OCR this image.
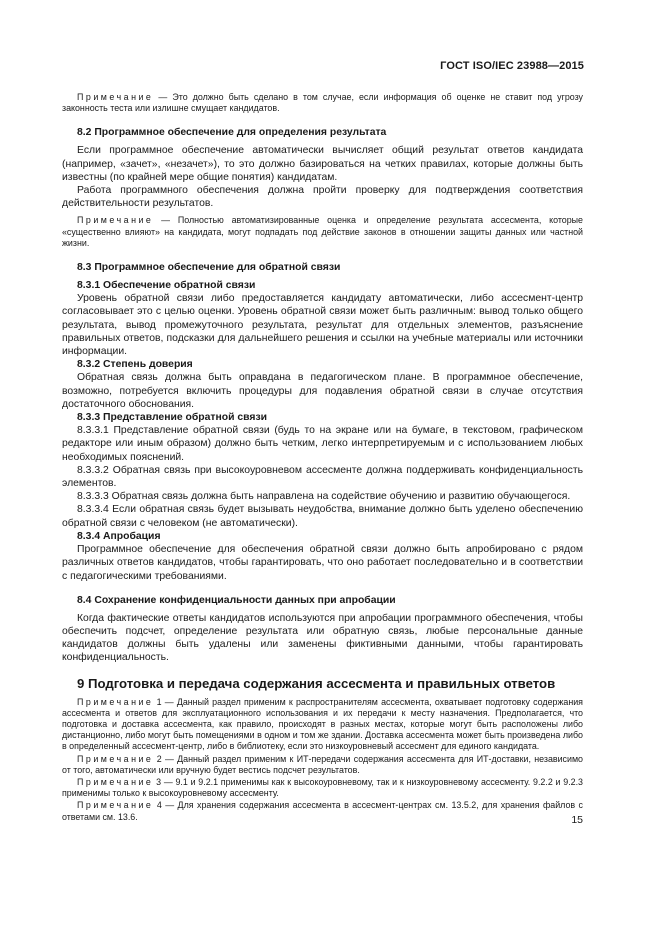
ГОСТ ISO/IEC 23988—2015

Примечание — Это должно быть сделано в том случае, если информация об оценке не ставит под угрозу законность теста или излишне смущает кандидатов.

8.2 Программное обеспечение для определения результата

Если программное обеспечение автоматически вычисляет общий результат ответов кандидата (например, «зачет», «незачет»), то это должно базироваться на четких правилах, которые должны быть известны (по крайней мере общие понятия) кандидатам.

Работа программного обеспечения должна пройти проверку для подтверждения соответствия действительности результатов.

Примечание — Полностью автоматизированные оценка и определение результата ассесмента, которые «существенно влияют» на кандидата, могут подпадать под действие законов в отношении защиты данных или частной жизни.

8.3 Программное обеспечение для обратной связи

8.3.1 Обеспечение обратной связи

Уровень обратной связи либо предоставляется кандидату автоматически, либо ассесмент-центр согласовывает это с целью оценки. Уровень обратной связи может быть различным: вывод только общего результата, вывод промежуточного результата, результат для отдельных элементов, разъяснение правильных ответов, подсказки для дальнейшего решения и ссылки на учебные материалы или источники информации.

8.3.2 Степень доверия

Обратная связь должна быть оправдана в педагогическом плане. В программное обеспечение, возможно, потребуется включить процедуры для подавления обратной связи в случае отсутствия достаточного обоснования.

8.3.3 Представление обратной связи

8.3.3.1 Представление обратной связи (будь то на экране или на бумаге, в текстовом, графическом редакторе или иным образом) должно быть четким, легко интерпретируемым и с использованием любых необходимых пояснений.

8.3.3.2 Обратная связь при высокоуровневом ассесменте должна поддерживать конфиденциальность элементов.

8.3.3.3 Обратная связь должна быть направлена на содействие обучению и развитию обучающегося.

8.3.3.4 Если обратная связь будет вызывать неудобства, внимание должно быть уделено обеспечению обратной связи с человеком (не автоматически).

8.3.4 Апробация

Программное обеспечение для обеспечения обратной связи должно быть апробировано с рядом различных ответов кандидатов, чтобы гарантировать, что оно работает последовательно и в соответствии с педагогическими требованиями.

8.4 Сохранение конфиденциальности данных при апробации

Когда фактические ответы кандидатов используются при апробации программного обеспечения, чтобы обеспечить подсчет, определение результата или обратную связь, любые персональные данные кандидатов должны быть удалены или заменены фиктивными данными, чтобы гарантировать конфиденциальность.

9 Подготовка и передача содержания ассесмента и правильных ответов

Примечание 1 — Данный раздел применим к распространителям ассесмента, охватывает подготовку содержания ассесмента и ответов для эксплуатационного использования и их передачи к месту назначения. Предполагается, что подготовка и доставка ассесмента, как правило, происходят в разных местах, которые могут быть расположены либо дистанционно, либо могут быть помещениями в одном и том же здании. Доставка ассесмента может быть произведена либо в определенный ассесмент-центр, либо в библиотеку, если это низкоуровневый ассесмент для единого кандидата.

Примечание 2 — Данный раздел применим к ИТ-передачи содержания ассесмента для ИТ-доставки, независимо от того, автоматически или вручную будет вестись подсчет результатов.

Примечание 3 — 9.1 и 9.2.1 применимы как к высокоуровневому, так и к низкоуровневому ассесменту. 9.2.2 и 9.2.3 применимы только к высокоуровневому ассесменту.

Примечание 4 — Для хранения содержания ассесмента в ассесмент-центрах см. 13.5.2, для хранения файлов с ответами см. 13.6.	15
